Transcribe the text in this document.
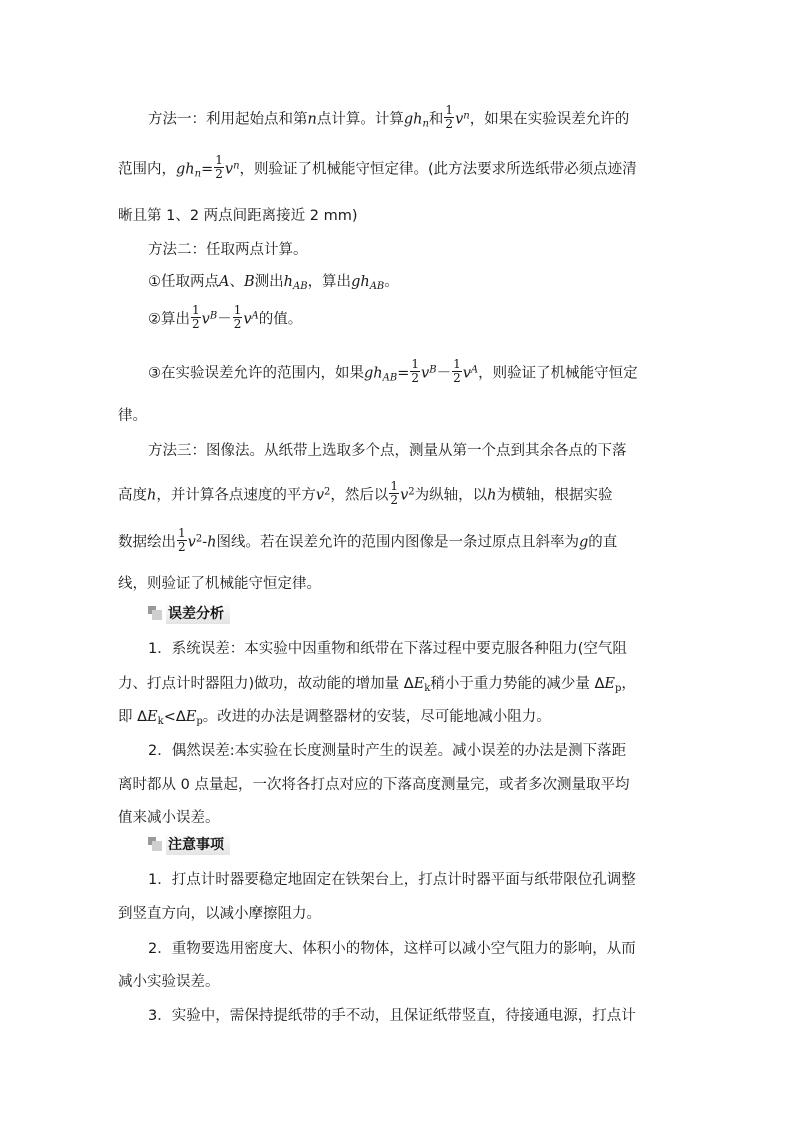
方法一：利用起始点和第n点计算。计算$gh_n$和 $\frac{1}{2} v^n$，如果在实验误差允许的
范围内，$gh_n= \frac{1}{2} v^n$，则验证了机械能守恒定律。(此方法要求所选纸带必须点迹清
晰且第 1、2 两点间距离接近 2 mm)
方法二：任取两点计算。
①任取两点A、B测出$h_{AB}$，算出$gh_{AB}$。
②算出 $\frac{1}{2} v^B- \frac{1}{2} v^A$的值。
③在实验误差允许的范围内，如果$gh_{AB}= \frac{1}{2} v^B- \frac{1}{2} v^A$，则验证了机械能守恒定
律。
方法三：图像法。从纸带上选取多个点，测量从第一个点到其余各点的下落
高度h，并计算各点速度的平方$v^2$，然后以 $\frac{1}{2} v^2$为纵轴，以h为横轴，根据实验
数据绘出 $\frac{1}{2} v^2-h$图线。若在误差允许的范围内图像是一条过原点且斜率为g的直
线，则验证了机械能守恒定律。
误差分析
1．系统误差：本实验中因重物和纸带在下落过程中要克服各种阻力(空气阻
力、打点计时器阻力)做功，故动能的增加量 $\Delta E_k$稍小于重力势能的减少量 $\Delta E_p$，
即 $\Delta E_k<\Delta E_p$。改进的办法是调整器材的安装，尽可能地减小阻力。
2．偶然误差:本实验在长度测量时产生的误差。减小误差的办法是测下落距
离时都从 0 点量起，一次将各打点对应的下落高度测量完，或者多次测量取平均
值来减小误差。
注意事项
1．打点计时器要稳定地固定在铁架台上，打点计时器平面与纸带限位孔调整
到竖直方向，以减小摩擦阻力。
2．重物要选用密度大、体积小的物体，这样可以减小空气阻力的影响，从而
减小实验误差。
3．实验中，需保持提纸带的手不动，且保证纸带竖直，待接通电源，打点计
